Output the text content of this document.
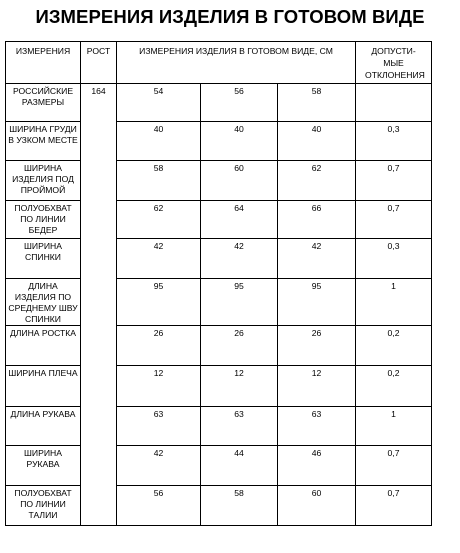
ИЗМЕРЕНИЯ ИЗДЕЛИЯ В ГОТОВОМ ВИДЕ
ИЗМЕРЕНИЯ	РОСТ	ИЗМЕРЕНИЯ ИЗДЕЛИЯ В ГОТОВОМ ВИДЕ, СМ			ДОПУСТИ-МЫЕ ОТКЛОНЕНИЯ
РОССИЙСКИЕ РАЗМЕРЫ	164	54	56	58	
ШИРИНА ГРУДИ В УЗКОМ МЕСТЕ		40	40	40	0,3
ШИРИНА ИЗДЕЛИЯ ПОД ПРОЙМОЙ		58	60	62	0,7
ПОЛУОБХВАТ ПО ЛИНИИ БЕДЕР		62	64	66	0,7
ШИРИНА СПИНКИ		42	42	42	0,3
ДЛИНА ИЗДЕЛИЯ ПО СРЕДНЕМУ ШВУ СПИНКИ		95	95	95	1
ДЛИНА РОСТКА		26	26	26	0,2
ШИРИНА ПЛЕЧА		12	12	12	0,2
ДЛИНА РУКАВА		63	63	63	1
ШИРИНА РУКАВА		42	44	46	0,7
ПОЛУОБХВАТ ПО ЛИНИИ ТАЛИИ		56	58	60	0,7
